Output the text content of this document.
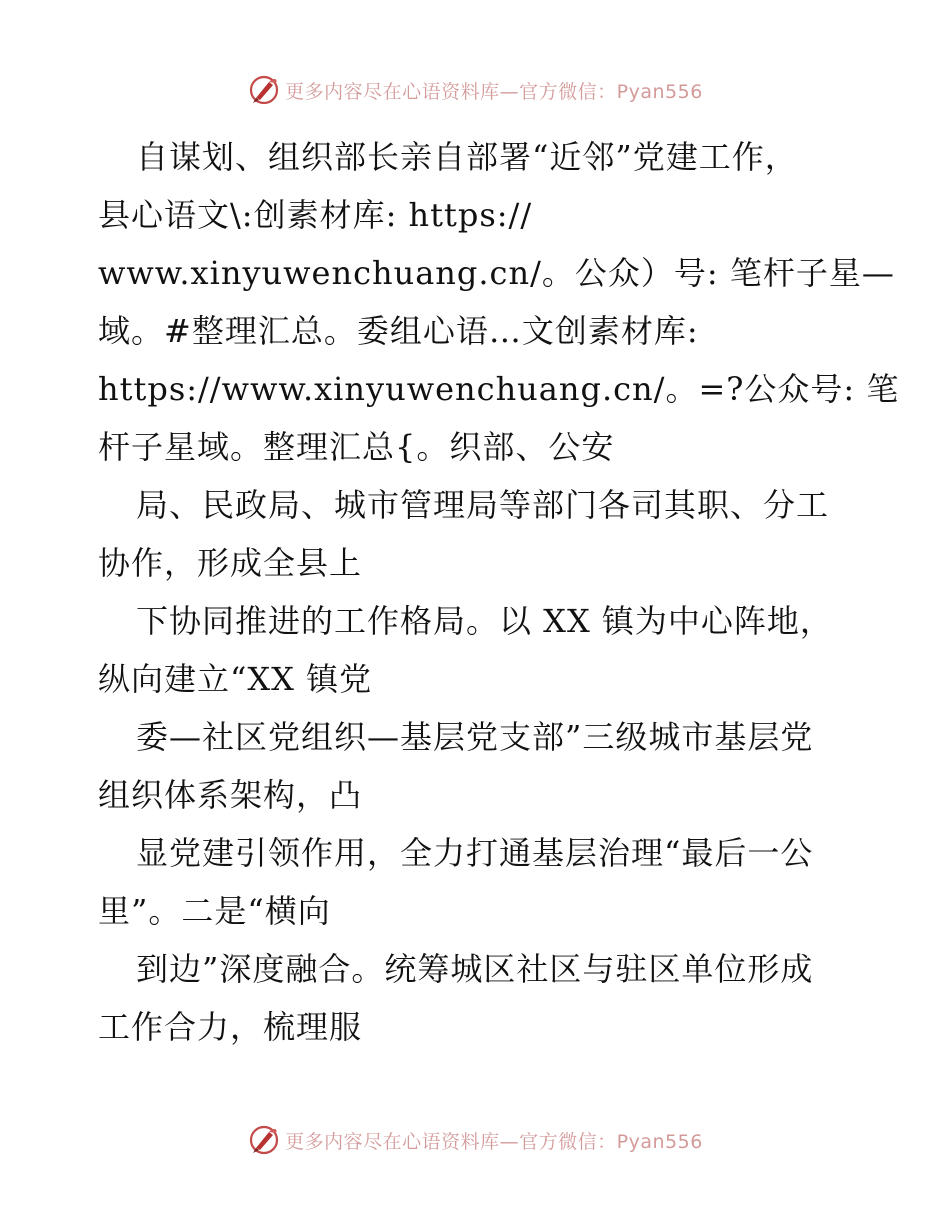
更多内容尽在心语资料库—官方微信：Pyan556
自谋划、组织部长亲自部署“近邻”党建工作，
县心语文\:创素材库: https://
www.xinyuwenchuang.cn/。公众）号: 笔杆子星—
域。#整理汇总。委组心语…文创素材库:
https://www.xinyuwenchuang.cn/。=?公众号: 笔
杆子星域。整理汇总{。织部、公安
局、民政局、城市管理局等部门各司其职、分工
协作，形成全县上
下协同推进的工作格局。以 XX 镇为中心阵地，
纵向建立“XX 镇党
委—社区党组织—基层党支部”三级城市基层党
组织体系架构，凸
显党建引领作用，全力打通基层治理“最后一公
里”。二是“横向
到边”深度融合。统筹城区社区与驻区单位形成
工作合力，梳理服
更多内容尽在心语资料库—官方微信：Pyan556
